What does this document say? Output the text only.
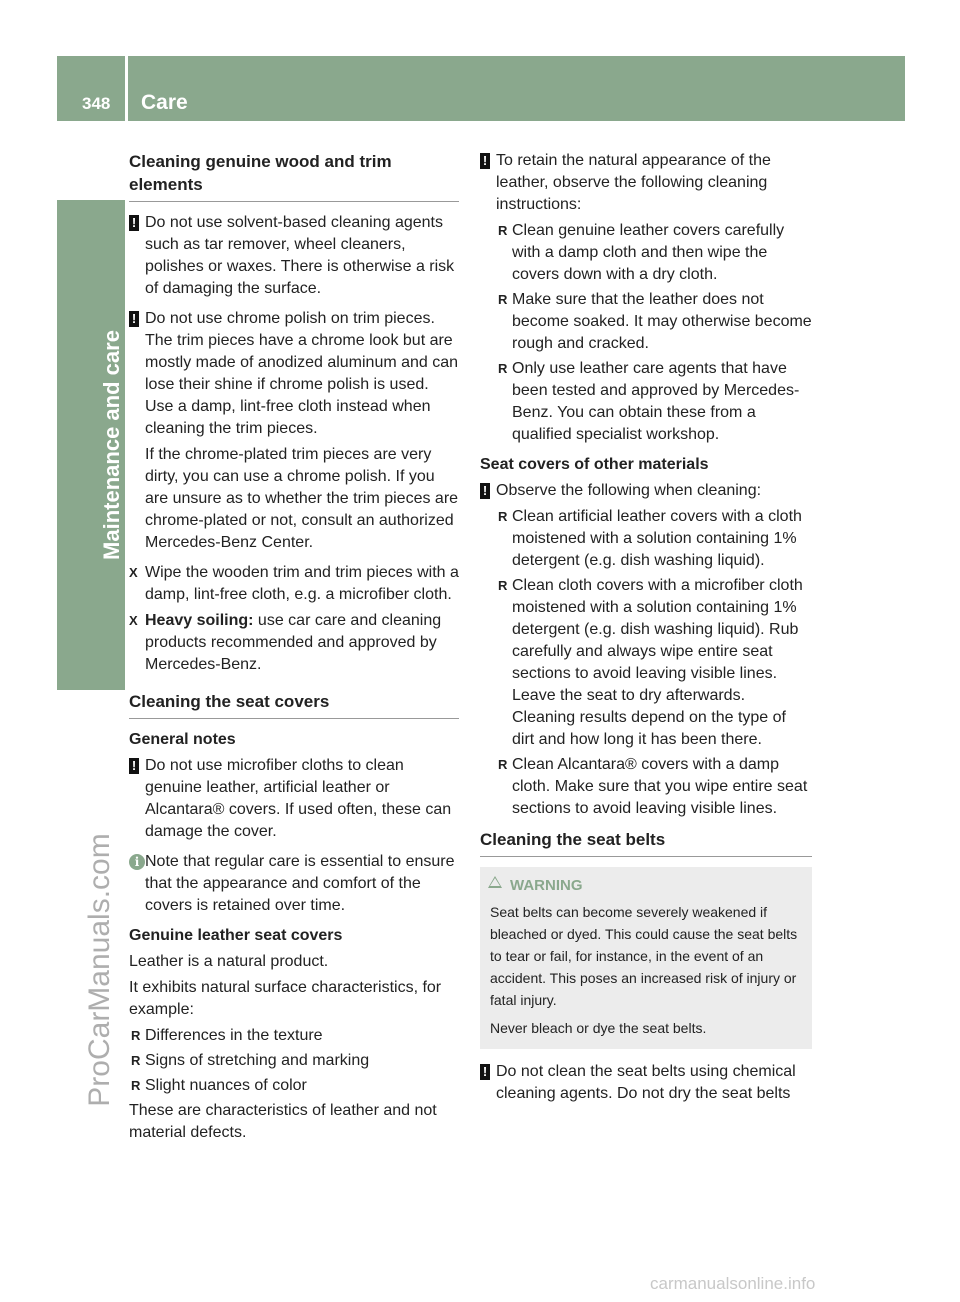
348 Care
Maintenance and care
ProCarManuals.com
carmanualsonline.info
Cleaning genuine wood and trim elements
! Do not use solvent-based cleaning agents such as tar remover, wheel cleaners, polishes or waxes. There is otherwise a risk of damaging the surface.
! Do not use chrome polish on trim pieces. The trim pieces have a chrome look but are mostly made of anodized aluminum and can lose their shine if chrome polish is used. Use a damp, lint-free cloth instead when cleaning the trim pieces.
If the chrome-plated trim pieces are very dirty, you can use a chrome polish. If you are unsure as to whether the trim pieces are chrome-plated or not, consult an authorized Mercedes-Benz Center.
X Wipe the wooden trim and trim pieces with a damp, lint-free cloth, e.g. a microfiber cloth.
X Heavy soiling: use car care and cleaning products recommended and approved by Mercedes-Benz.
Cleaning the seat covers
General notes
! Do not use microfiber cloths to clean genuine leather, artificial leather or Alcantara® covers. If used often, these can damage the cover.
i Note that regular care is essential to ensure that the appearance and comfort of the covers is retained over time.
Genuine leather seat covers
Leather is a natural product.
It exhibits natural surface characteristics, for example:
R Differences in the texture
R Signs of stretching and marking
R Slight nuances of color
These are characteristics of leather and not material defects.
! To retain the natural appearance of the leather, observe the following cleaning instructions:
R Clean genuine leather covers carefully with a damp cloth and then wipe the covers down with a dry cloth.
R Make sure that the leather does not become soaked. It may otherwise become rough and cracked.
R Only use leather care agents that have been tested and approved by Mercedes-Benz. You can obtain these from a qualified specialist workshop.
Seat covers of other materials
! Observe the following when cleaning:
R Clean artificial leather covers with a cloth moistened with a solution containing 1% detergent (e.g. dish washing liquid).
R Clean cloth covers with a microfiber cloth moistened with a solution containing 1% detergent (e.g. dish washing liquid). Rub carefully and always wipe entire seat sections to avoid leaving visible lines. Leave the seat to dry afterwards. Cleaning results depend on the type of dirt and how long it has been there.
R Clean Alcantara® covers with a damp cloth. Make sure that you wipe entire seat sections to avoid leaving visible lines.
Cleaning the seat belts
WARNING
Seat belts can become severely weakened if bleached or dyed. This could cause the seat belts to tear or fail, for instance, in the event of an accident. This poses an increased risk of injury or fatal injury.
Never bleach or dye the seat belts.
! Do not clean the seat belts using chemical cleaning agents. Do not dry the seat belts
